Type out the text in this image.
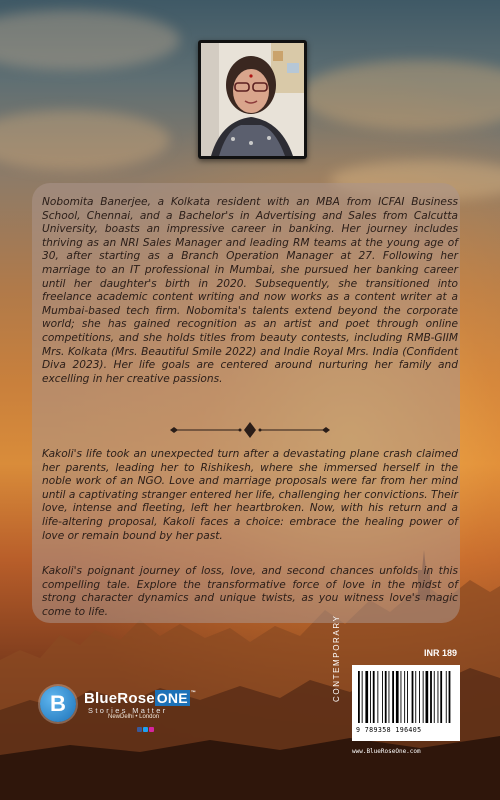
Nobomita Banerjee, a Kolkata resident with an MBA from ICFAI Business School, Chennai, and a Bachelor's in Advertising and Sales from Calcutta University, boasts an impressive career in banking. Her journey includes thriving as an NRI Sales Manager and leading RM teams at the young age of 30, after starting as a Branch Operation Manager at 27. Following her marriage to an IT professional in Mumbai, she pursued her banking career until her daughter's birth in 2020. Subsequently, she transitioned into freelance academic content writing and now works as a content writer at a Mumbai-based tech firm. Nobomita's talents extend beyond the corporate world; she has gained recognition as an artist and poet through online competitions, and she holds titles from beauty contests, including RMB-GIIM Mrs. Kolkata (Mrs. Beautiful Smile 2022) and Indie Royal Mrs. India (Confident Diva 2023). Her life goals are centered around nurturing her family and excelling in her creative passions.

Kakoli's life took an unexpected turn after a devastating plane crash claimed her parents, leading her to Rishikesh, where she immersed herself in the noble work of an NGO. Love and marriage proposals were far from her mind until a captivating stranger entered her life, challenging her convictions. Their love, intense and fleeting, left her heartbroken. Now, with his return and a life-altering proposal, Kakoli faces a choice: embrace the healing power of love or remain bound by her past.

Kakoli's poignant journey of loss, love, and second chances unfolds in this compelling tale. Explore the transformative force of love in the midst of strong character dynamics and unique twists, as you witness love's magic come to life.

B	BlueRose ONE ™
Stories Matter
NewDelhi • London
CONTEMPORARY	INR 189
9 789358 196405
www.BlueRoseOne.com
